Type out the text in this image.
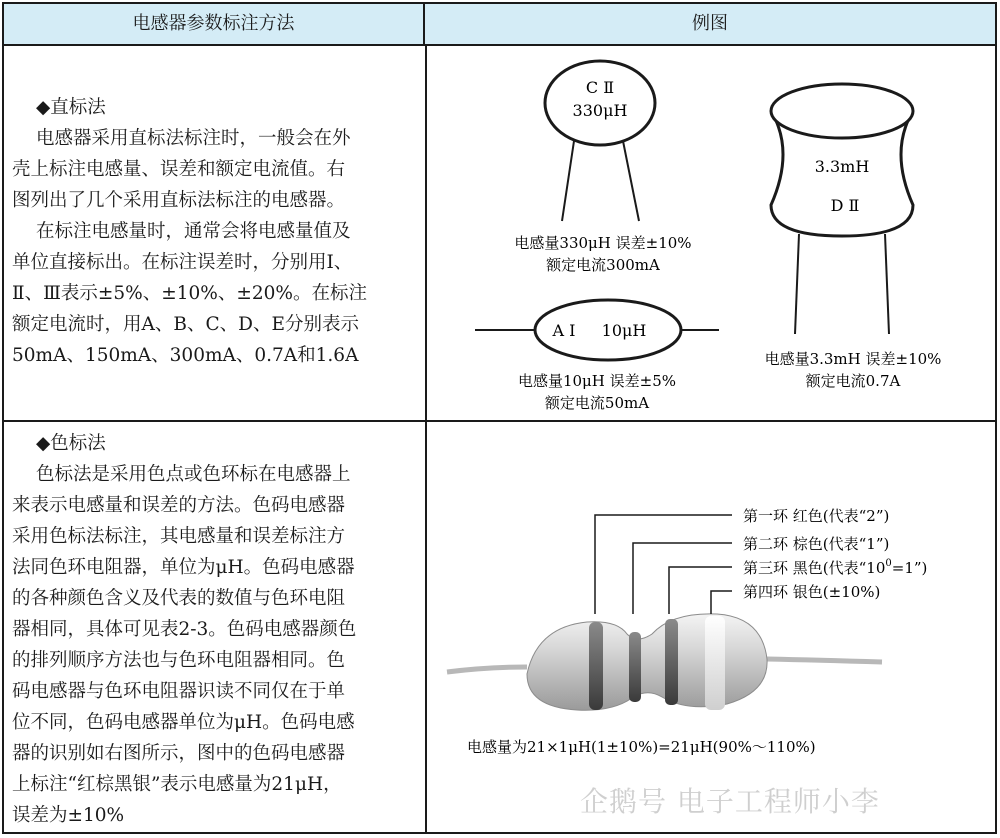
电感器参数标注方法	例图

◆直标法

电感器采用直标法标注时，一般会在外

壳上标注电感量、误差和额定电流值。右

图列出了几个采用直标法标注的电感器。

在标注电感量时，通常会将电感量值及

单位直接标出。在标注误差时，分别用Ⅰ、

Ⅱ、Ⅲ表示±5%、±10%、±20%。在标注

额定电流时，用A、B、C、D、E分别表示

50mA、150mA、300mA、0.7A和1.6A

C Ⅱ
330μH
电感量330μH 误差±10%
额定电流300mA
A Ⅰ 10μH
电感量10μH 误差±5%
额定电流50mA
3.3mH
D Ⅱ
电感量3.3mH 误差±10%
额定电流0.7A

◆色标法

色标法是采用色点或色环标在电感器上

来表示电感量和误差的方法。色码电感器

采用色标法标注，其电感量和误差标注方

法同色环电阻器，单位为μH。色码电感器

的各种颜色含义及代表的数值与色环电阻

器相同，具体可见表2-3。色码电感器颜色

的排列顺序方法也与色环电阻器相同。色

码电感器与色环电阻器识读不同仅在于单

位不同，色码电感器单位为μH。色码电感

器的识别如右图所示，图中的色码电感器

上标注“红棕黑银”表示电感量为21μH，

误差为±10%

第一环 红色(代表“2”)
第二环 棕色(代表“1”)
第三环 黑色(代表“$10^0=1$”)
第四环 银色(±10%)
电感量为21×1μH(1±10%)=21μH(90%～110%)
企鹅号 电子工程师小李
